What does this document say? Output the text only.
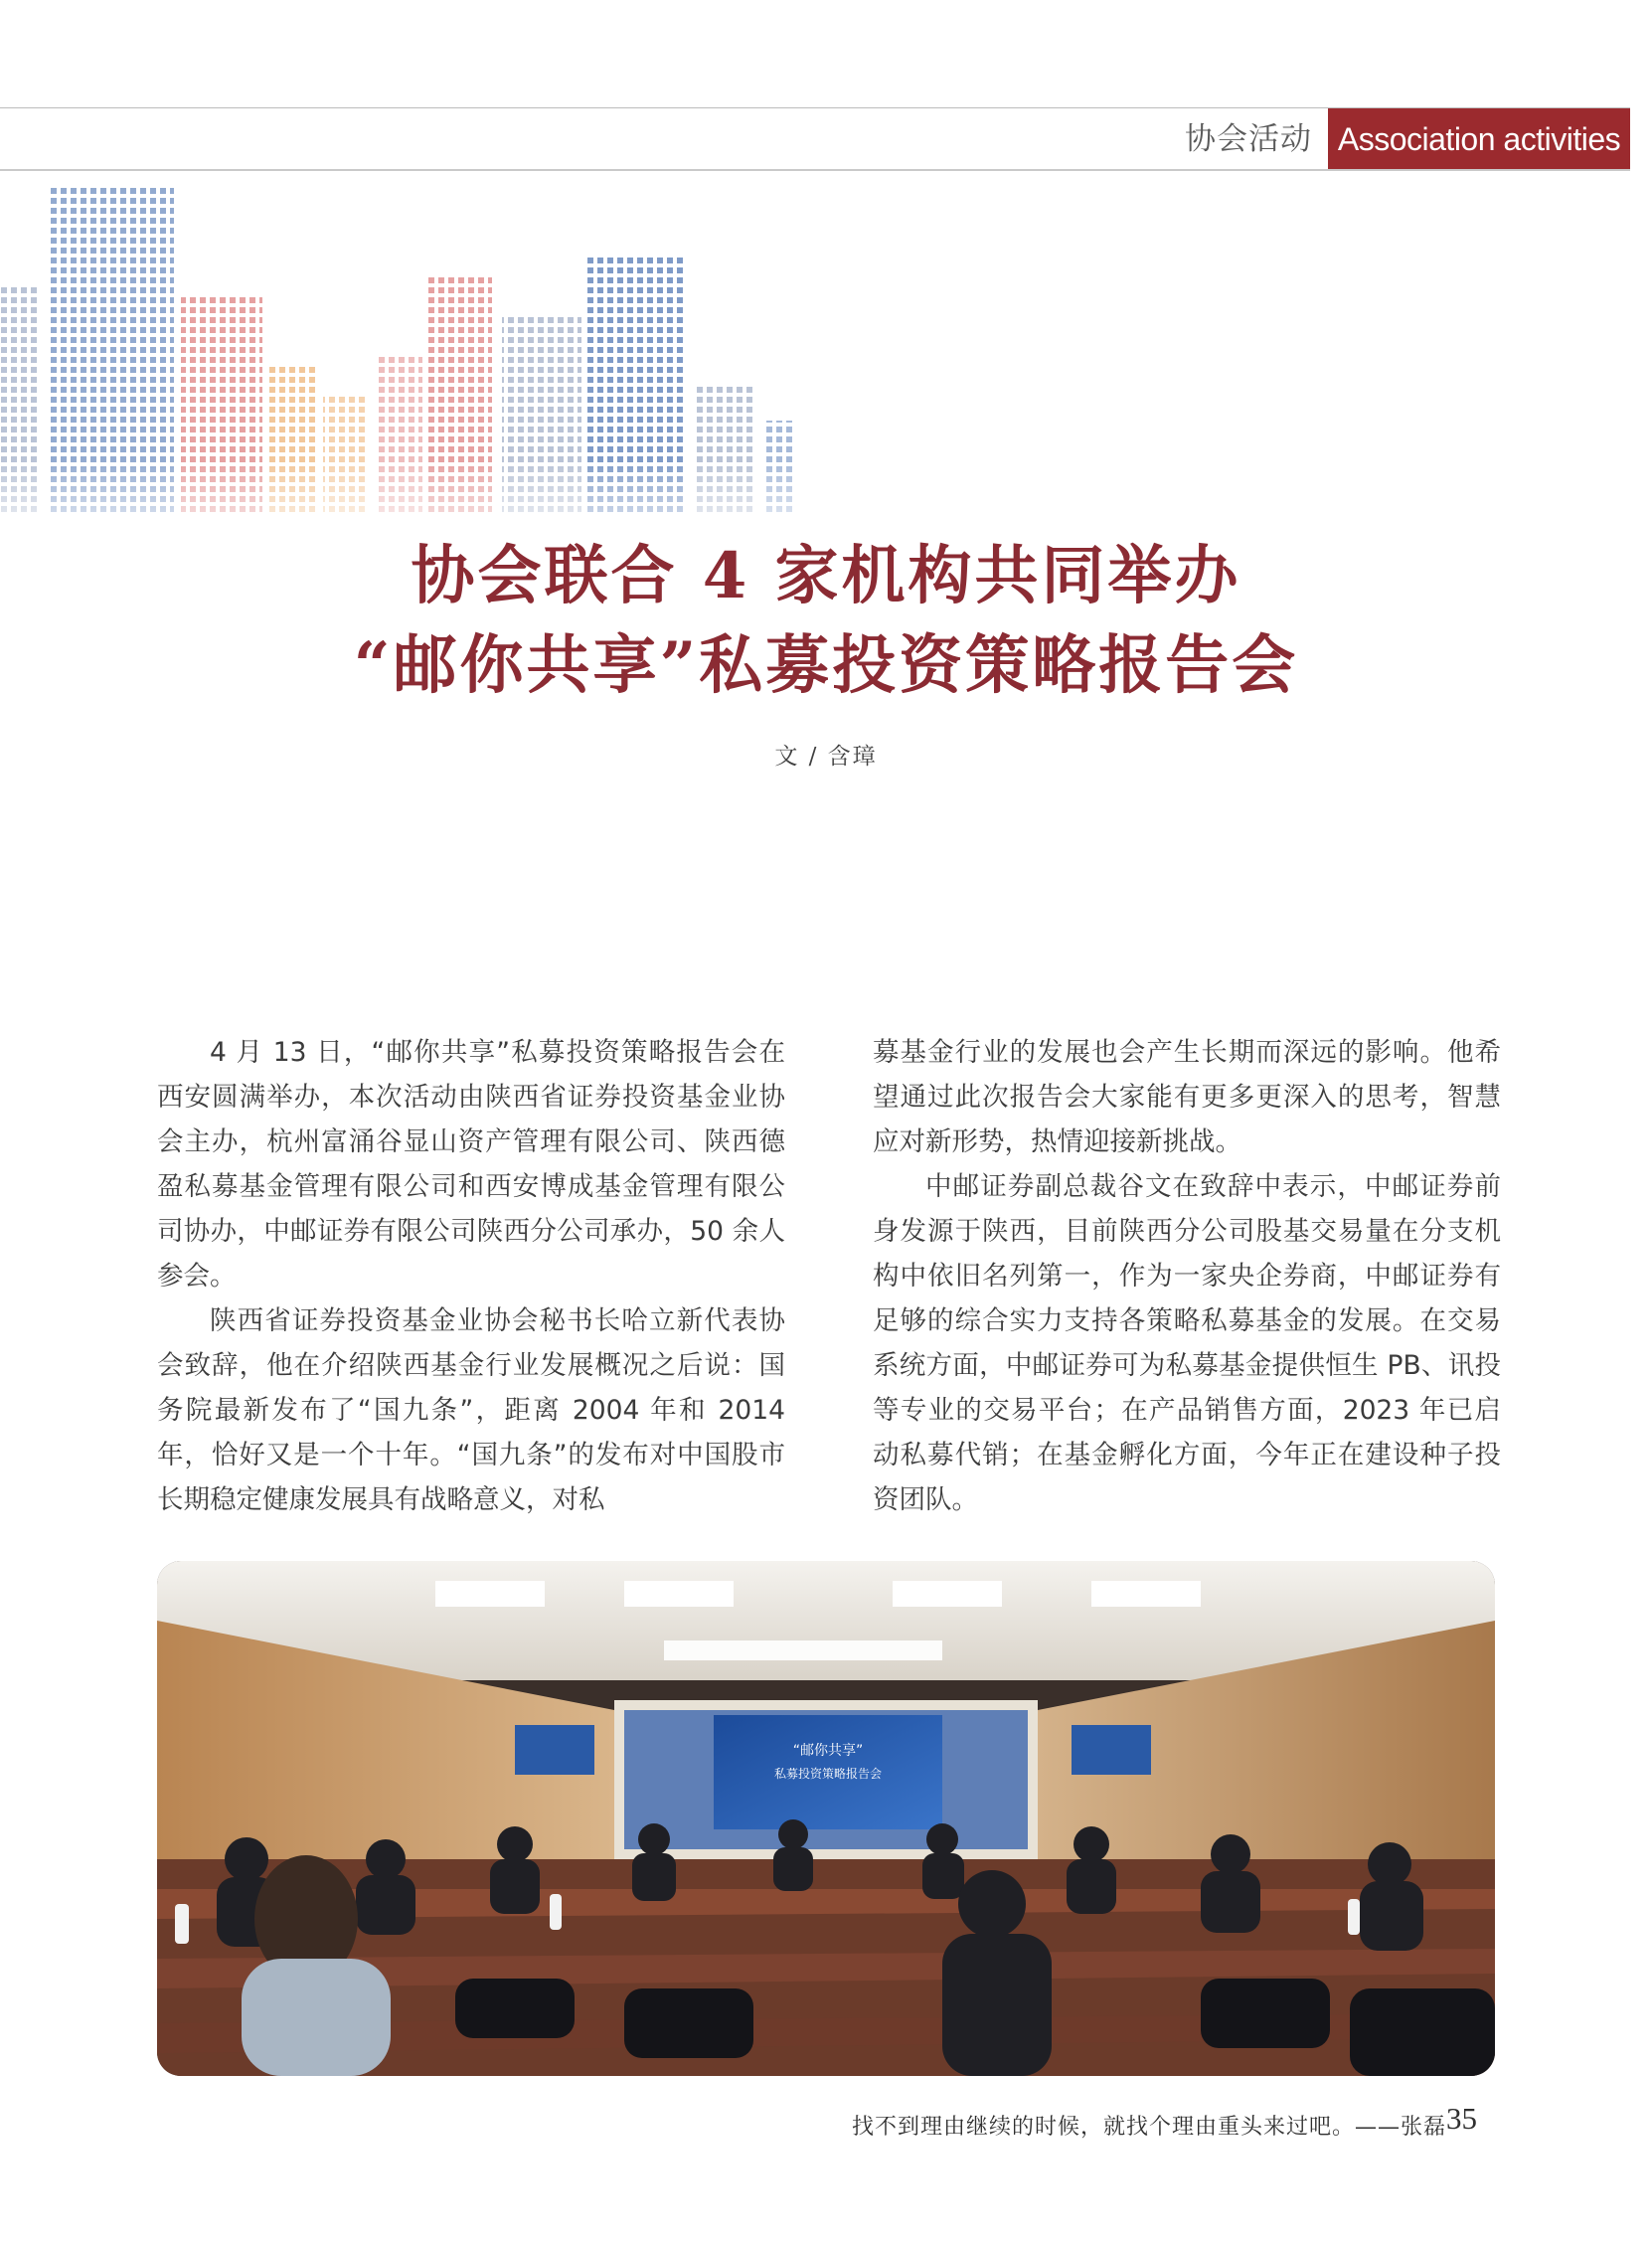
协会活动 Association activities
协会联合 4 家机构共同举办
“邮你共享”私募投资策略报告会
文 / 含璋

4 月 13 日，“邮你共享”私募投资策略报告会在西安圆满举办，本次活动由陕西省证券投资基金业协会主办，杭州富涌谷显山资产管理有限公司、陕西德盈私募基金管理有限公司和西安博成基金管理有限公司协办，中邮证券有限公司陕西分公司承办，50 余人参会。

陕西省证券投资基金业协会秘书长哈立新代表协会致辞，他在介绍陕西基金行业发展概况之后说：国务院最新发布了“国九条”，距离 2004 年和 2014 年，恰好又是一个十年。“国九条”的发布对中国股市长期稳定健康发展具有战略意义，对私

募基金行业的发展也会产生长期而深远的影响。他希望通过此次报告会大家能有更多更深入的思考，智慧应对新形势，热情迎接新挑战。

中邮证券副总裁谷文在致辞中表示，中邮证券前身发源于陕西，目前陕西分公司股基交易量在分支机构中依旧名列第一，作为一家央企券商，中邮证券有足够的综合实力支持各策略私募基金的发展。在交易系统方面，中邮证券可为私募基金提供恒生 PB、讯投等专业的交易平台；在产品销售方面，2023 年已启动私募代销；在基金孵化方面，今年正在建设种子投资团队。

“邮你共享”
私募投资策略报告会
找不到理由继续的时候，就找个理由重头来过吧。——张磊 35
